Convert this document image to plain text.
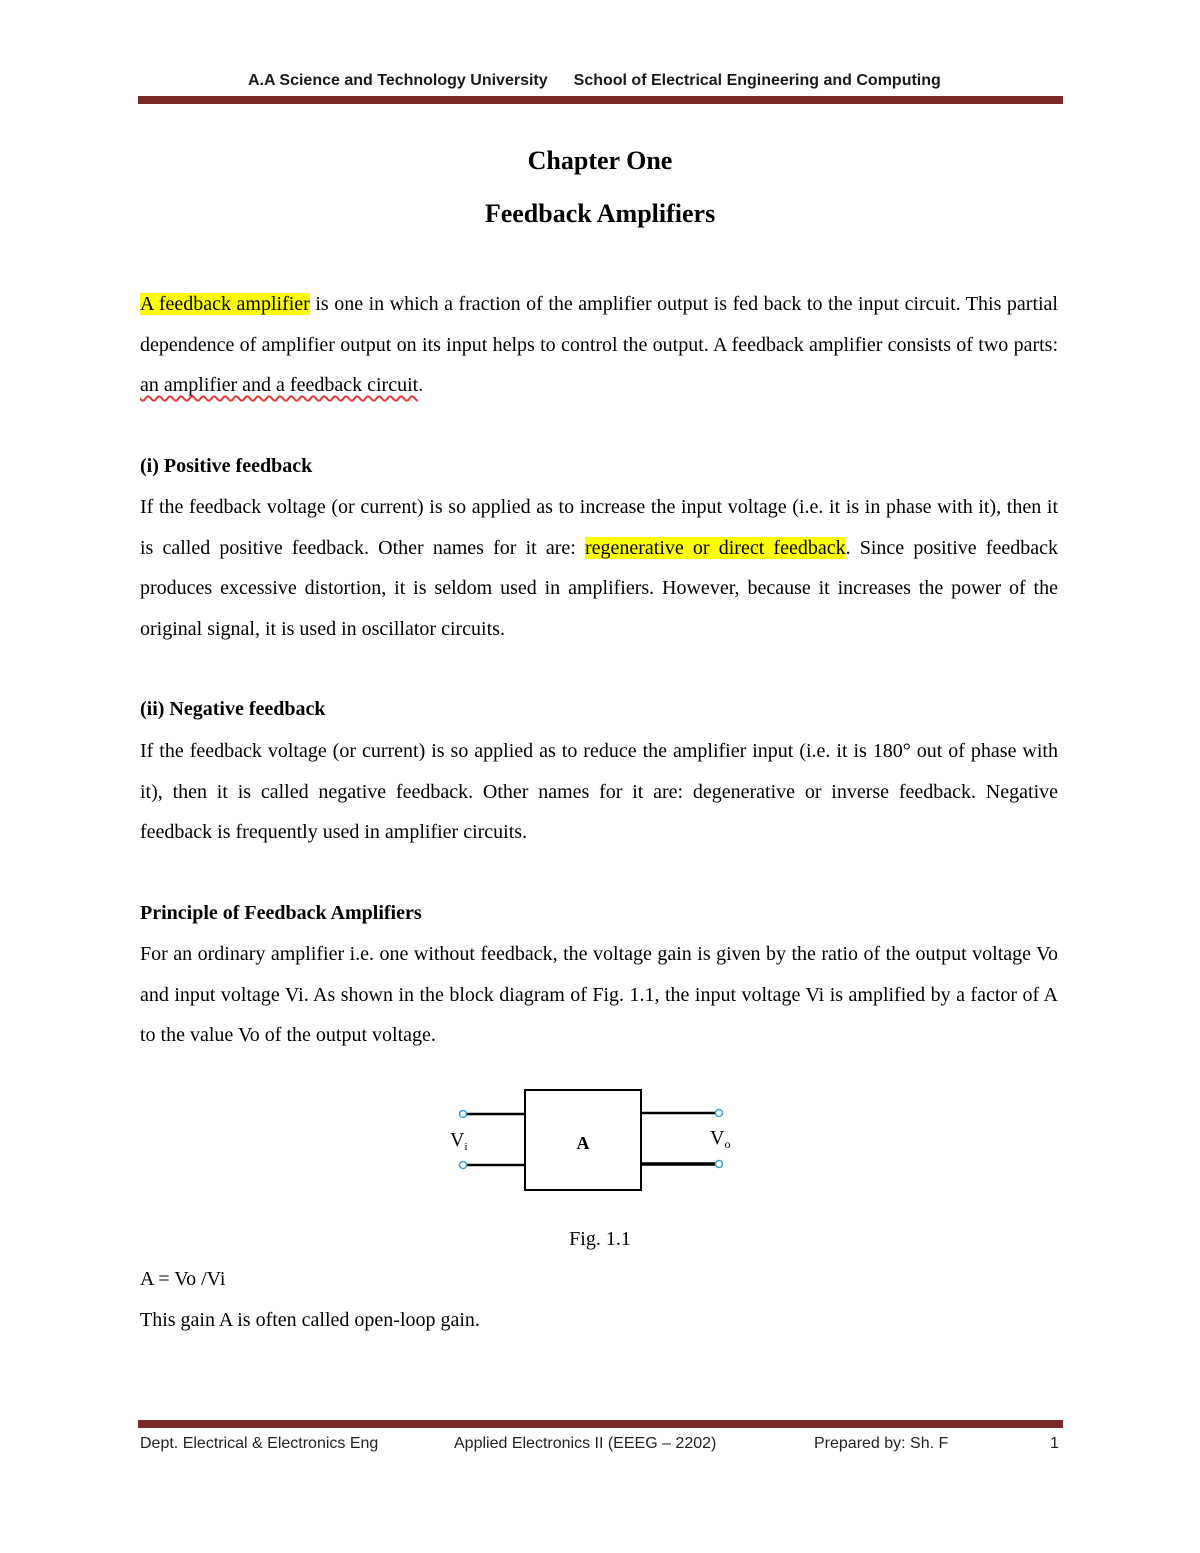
A.A Science and Technology University School of Electrical Engineering and Computing
Chapter One
Feedback Amplifiers
A feedback amplifier is one in which a fraction of the amplifier output is fed back to the input circuit. This partial dependence of amplifier output on its input helps to control the output. A feedback amplifier consists of two parts: an amplifier and a feedback circuit.
(i) Positive feedback
If the feedback voltage (or current) is so applied as to increase the input voltage (i.e. it is in phase with it), then it is called positive feedback. Other names for it are: regenerative or direct feedback. Since positive feedback produces excessive distortion, it is seldom used in amplifiers. However, because it increases the power of the original signal, it is used in oscillator circuits.
(ii) Negative feedback
If the feedback voltage (or current) is so applied as to reduce the amplifier input (i.e. it is 180° out of phase with it), then it is called negative feedback. Other names for it are: degenerative or inverse feedback. Negative feedback is frequently used in amplifier circuits.
Principle of Feedback Amplifiers
For an ordinary amplifier i.e. one without feedback, the voltage gain is given by the ratio of the output voltage Vo and input voltage Vi. As shown in the block diagram of Fig. 1.1, the input voltage Vi is amplified by a factor of A to the value Vo of the output voltage.
A
$V_i$	$V_o$
Fig. 1.1
A = Vo /Vi
This gain A is often called open-loop gain.
Dept. Electrical & Electronics Eng	Applied Electronics II (EEEG – 2202)	Prepared by: Sh. F	1
